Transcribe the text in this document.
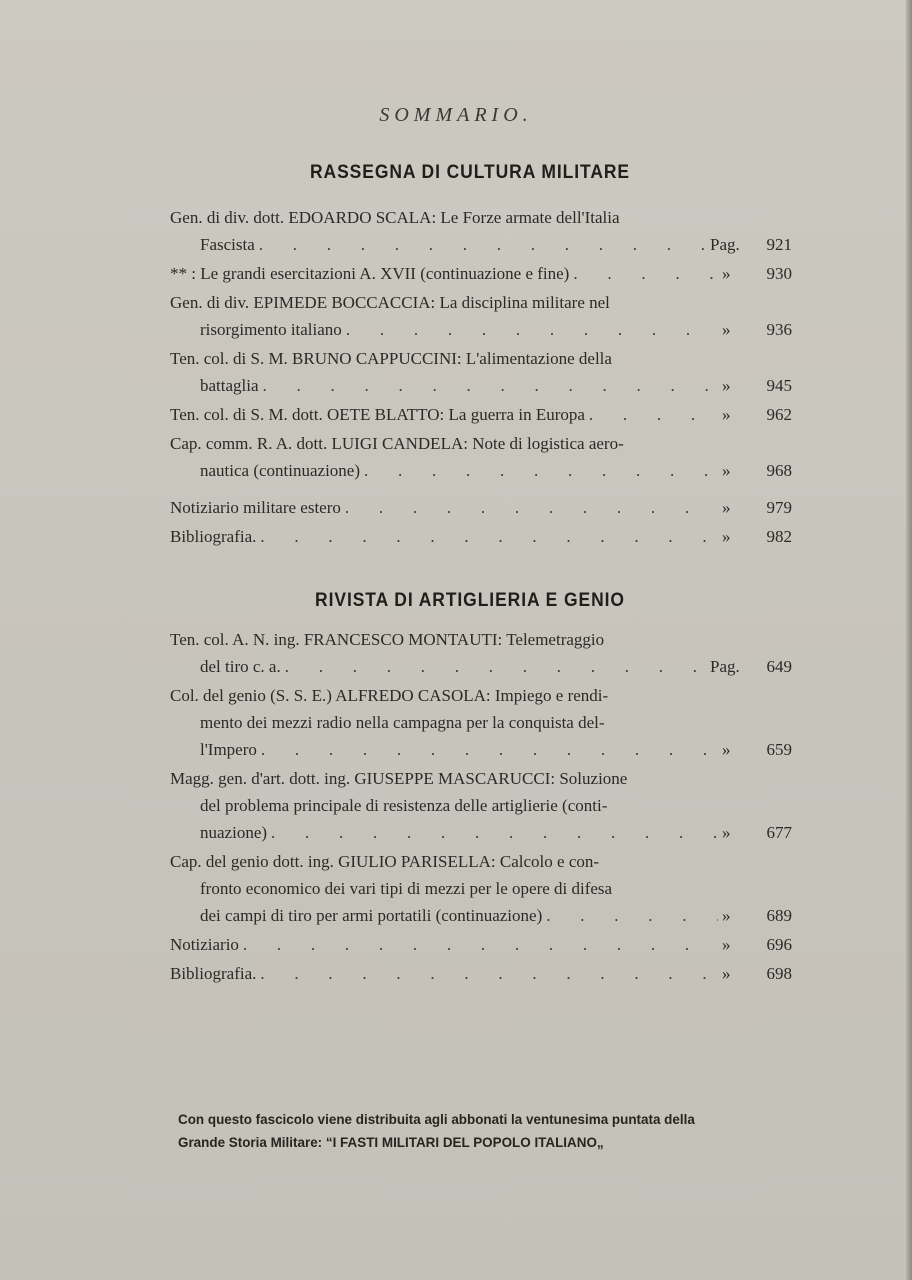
SOMMARIO.
RASSEGNA DI CULTURA MILITARE
Gen. di div. dott. EDOARDO SCALA: Le Forze armate dell'Italia
Fascista .	Pag. 921
** : Le grandi esercitazioni A. XVII (continuazione e fine) .	» 930
Gen. di div. EPIMEDE BOCCACCIA: La disciplina militare nel
risorgimento italiano .	» 936
Ten. col. di S. M. BRUNO CAPPUCCINI: L'alimentazione della
battaglia .	» 945
Ten. col. di S. M. dott. OETE BLATTO: La guerra in Europa .	» 962
Cap. comm. R. A. dott. LUIGI CANDELA: Note di logistica aero-
nautica (continuazione) .	» 968
Notiziario militare estero .	» 979
Bibliografia. .	» 982
RIVISTA DI ARTIGLIERIA E GENIO
Ten. col. A. N. ing. FRANCESCO MONTAUTI: Telemetraggio
del tiro c. a. .	Pag. 649
Col. del genio (S. S. E.) ALFREDO CASOLA: Impiego e rendi-
mento dei mezzi radio nella campagna per la conquista del-
l'Impero .	» 659
Magg. gen. d'art. dott. ing. GIUSEPPE MASCARUCCI: Soluzione
del problema principale di resistenza delle artiglierie (conti-
nuazione) .	» 677
Cap. del genio dott. ing. GIULIO PARISELLA: Calcolo e con-
fronto economico dei vari tipi di mezzi per le opere di difesa
dei campi di tiro per armi portatili (continuazione) .	» 689
Notiziario .	» 696
Bibliografia. .	» 698
Con questo fascicolo viene distribuita agli abbonati la ventunesima puntata della
Grande Storia Militare: “I FASTI MILITARI DEL POPOLO ITALIANO„
